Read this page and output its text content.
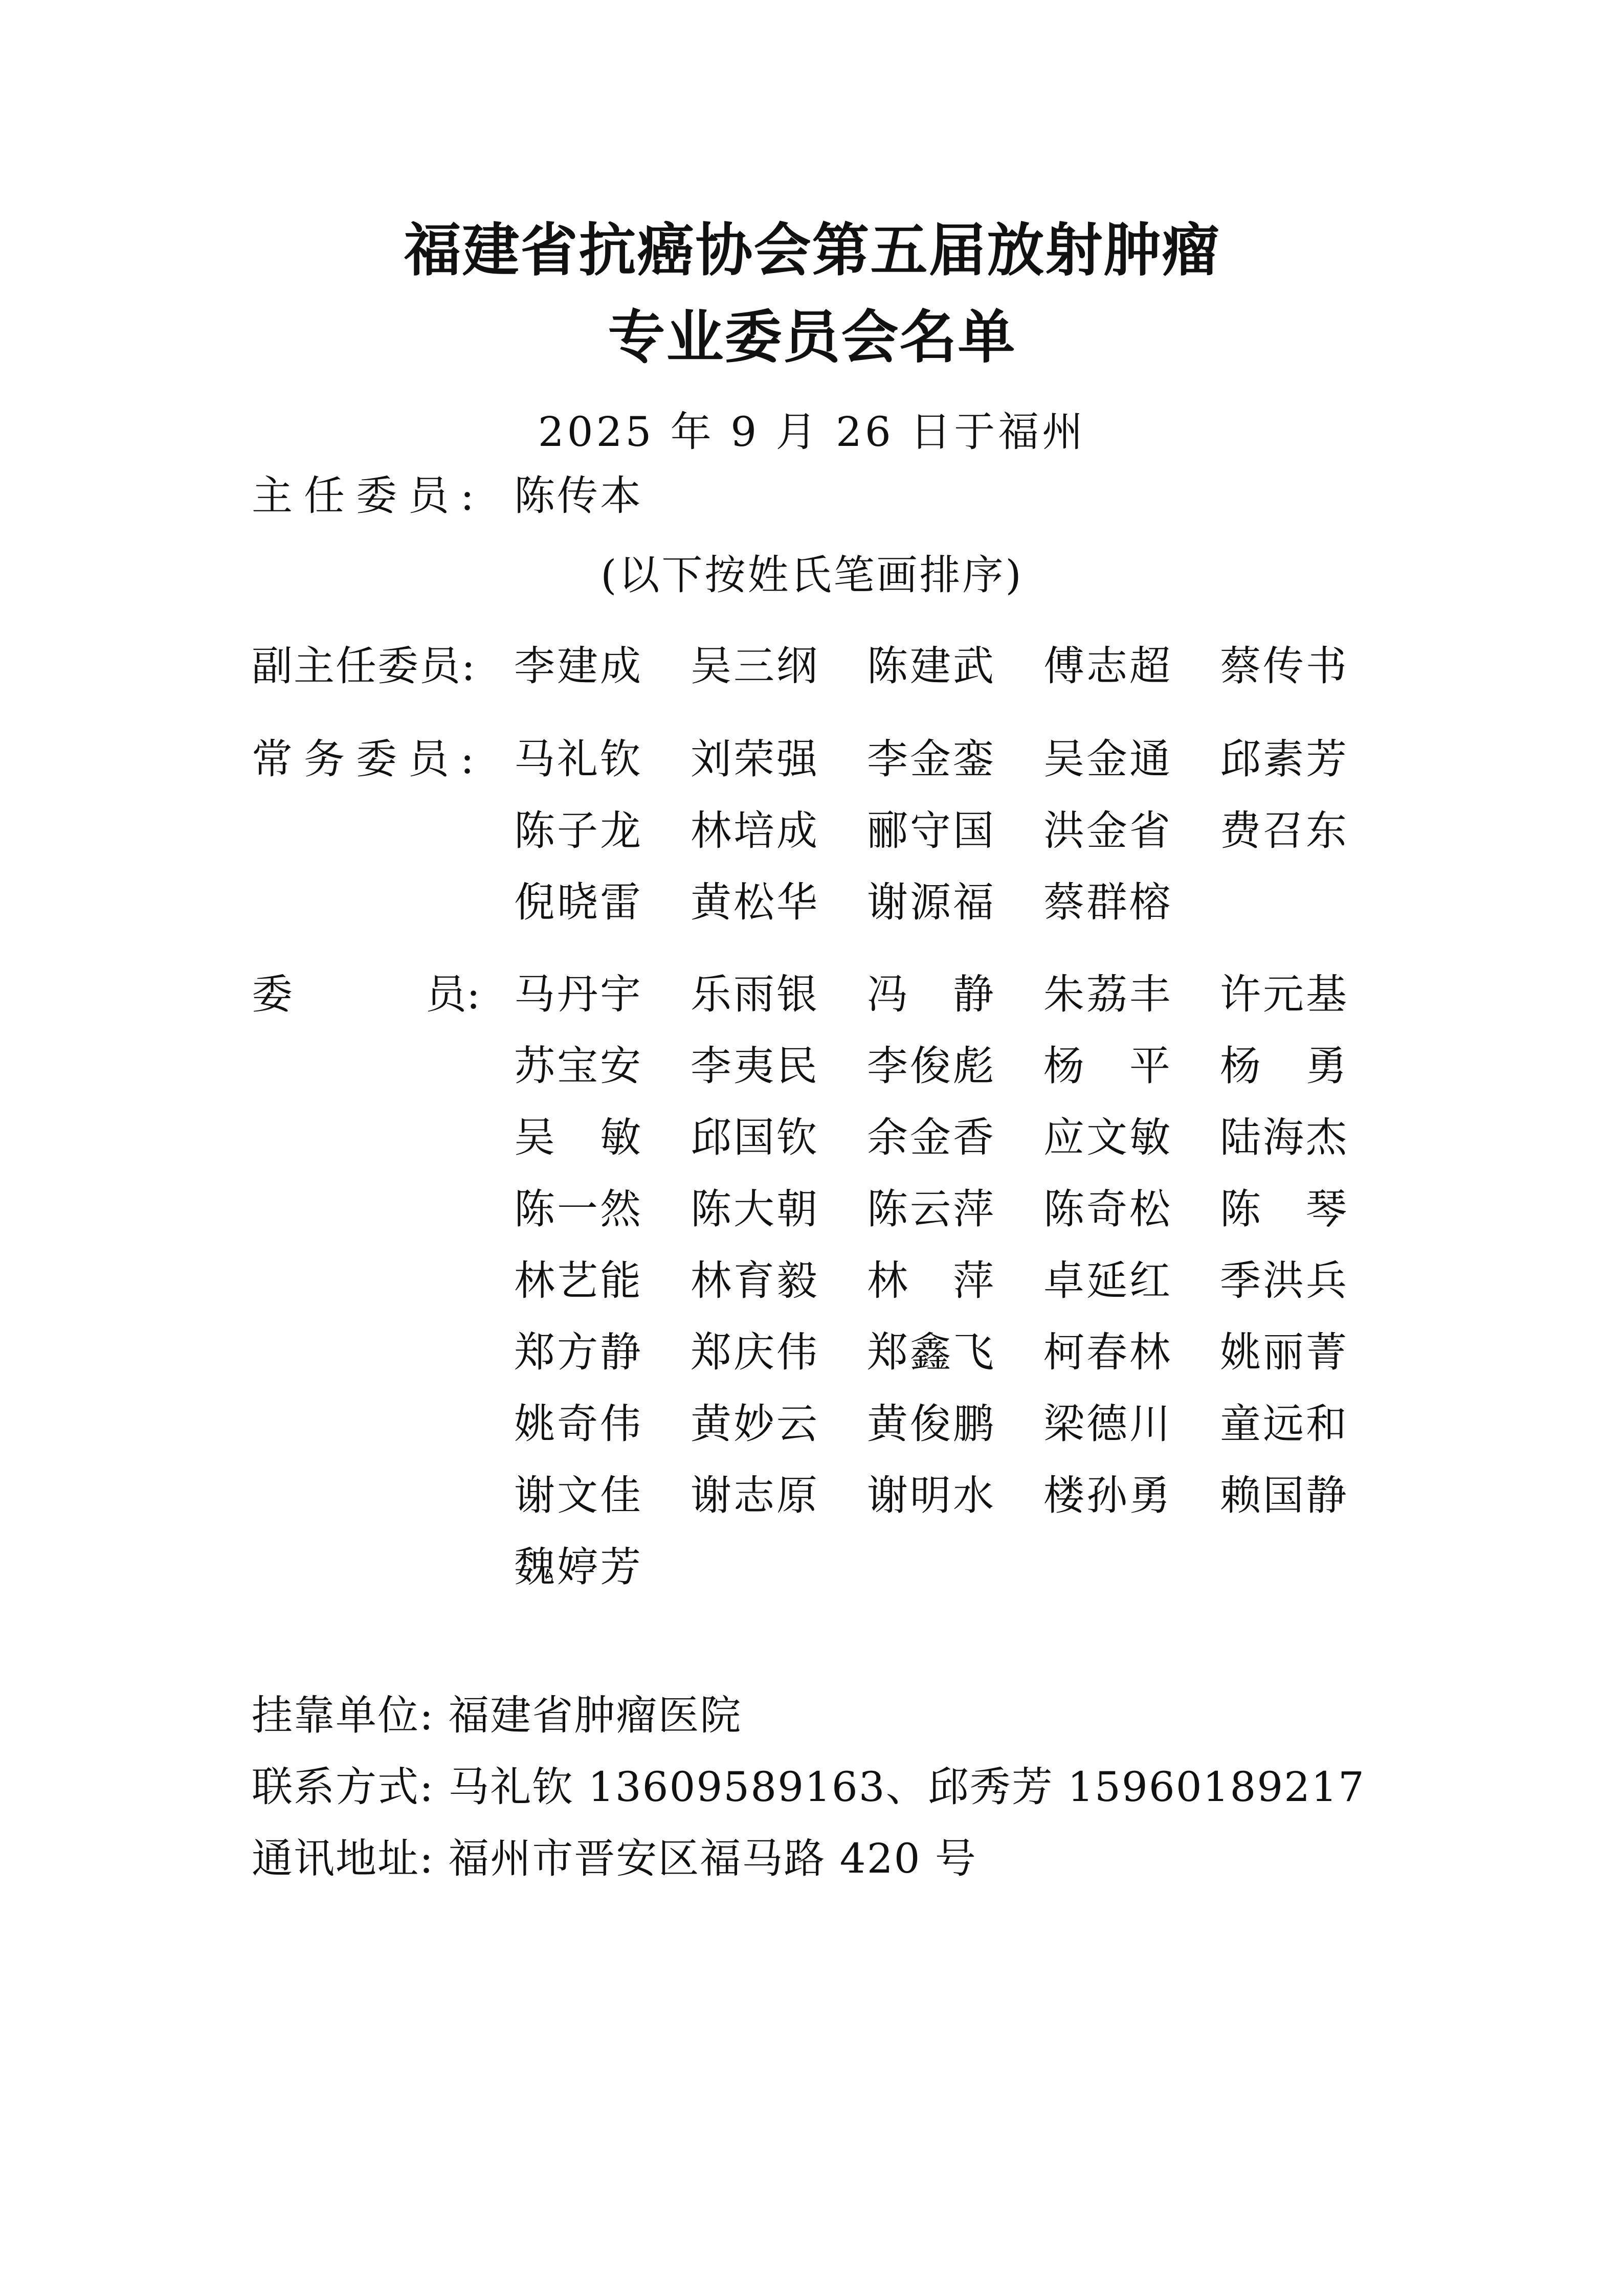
福建省抗癌协会第五届放射肿瘤
专业委员会名单
2025 年 9 月 26 日于福州
主任委员: 陈传本
(以下按姓氏笔画排序)
副主任委员: 李建成 吴三纲 陈建武 傅志超 蔡传书
常务委员: 马礼钦 刘荣强 李金銮 吴金通 邱素芳
陈子龙 林培成 郦守国 洪金省 费召东
倪晓雷 黄松华 谢源福 蔡群榕
委	员: 马丹宇 乐雨银 冯　静 朱荔丰 许元基
苏宝安 李夷民 李俊彪 杨　平 杨　勇
吴　敏 邱国钦 余金香 应文敏 陆海杰
陈一然 陈大朝 陈云萍 陈奇松 陈　琴
林艺能 林育毅 林　萍 卓延红 季洪兵
郑方静 郑庆伟 郑鑫飞 柯春林 姚丽菁
姚奇伟 黄妙云 黄俊鹏 梁德川 童远和
谢文佳 谢志原 谢明水 楼孙勇 赖国静
魏婷芳
挂靠单位: 福建省肿瘤医院
联系方式: 马礼钦 13609589163、邱秀芳 15960189217
通讯地址: 福州市晋安区福马路 420 号
